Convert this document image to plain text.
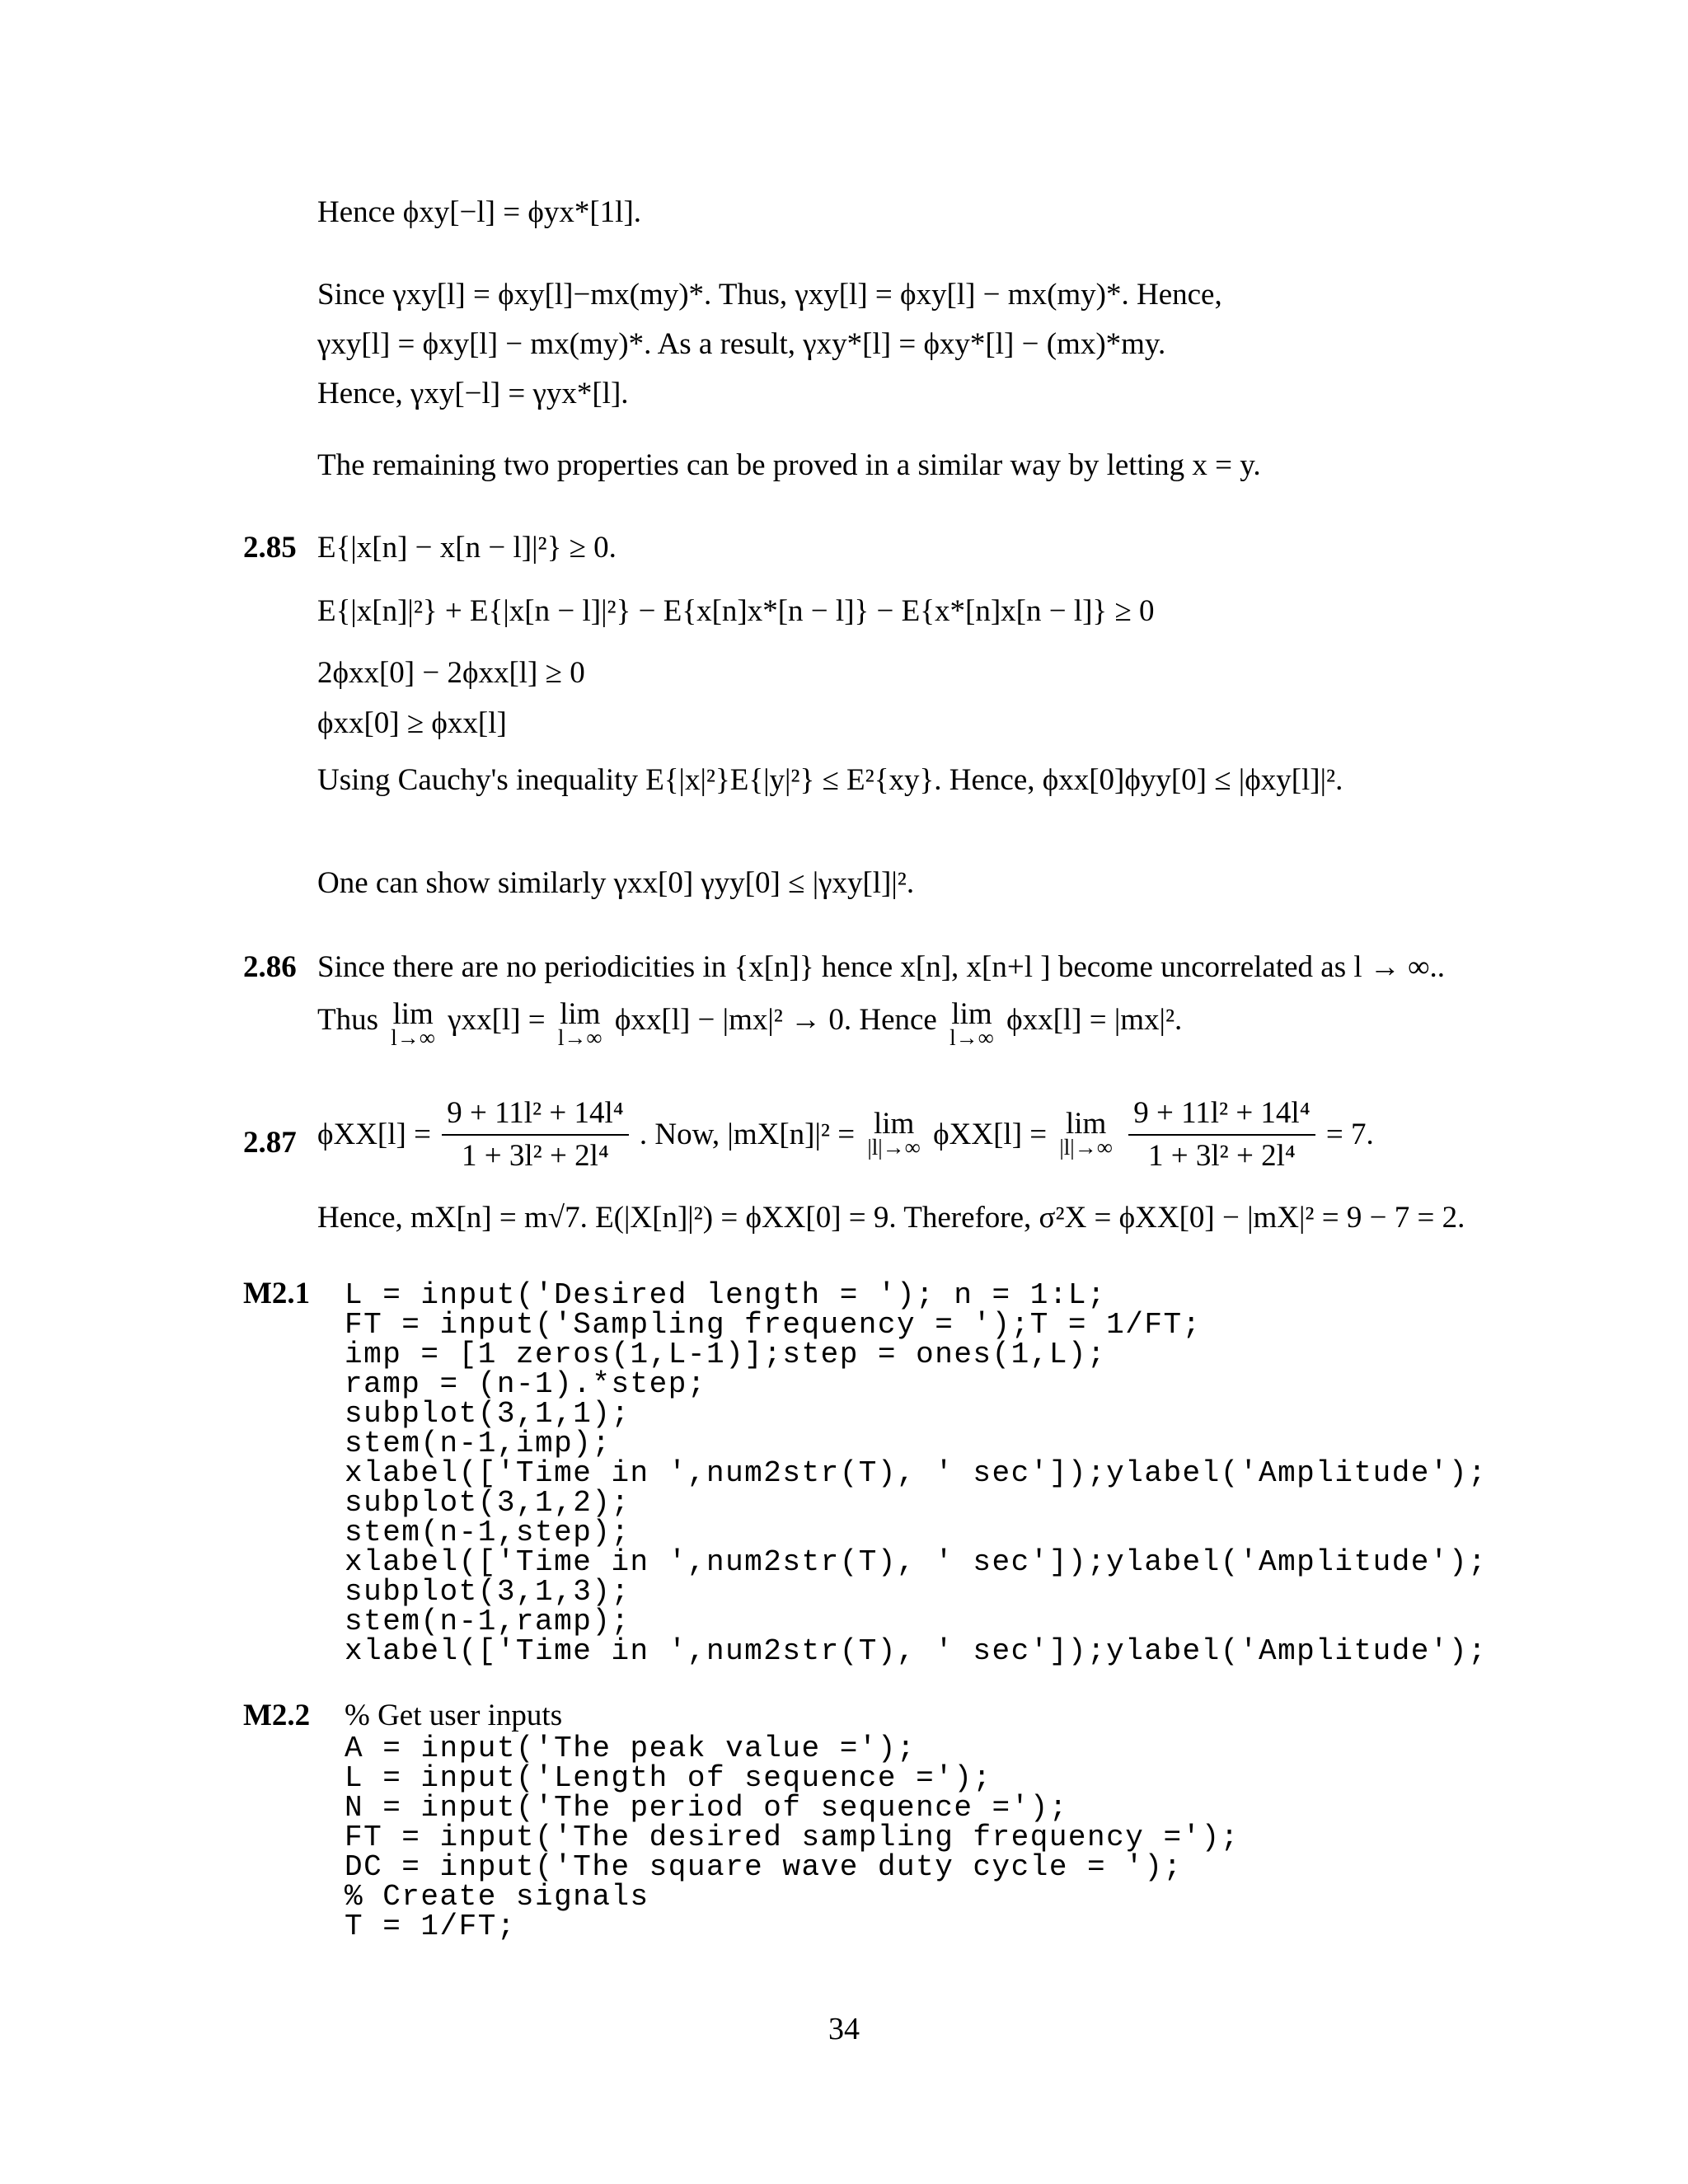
Hence ϕxy[−l] = ϕyx*[1l].
Since γxy[l] = ϕxy[l]−mx(my)*. Thus, γxy[l] = ϕxy[l] − mx(my)*. Hence,
γxy[l] = ϕxy[l] − mx(my)*. As a result, γxy*[l] = ϕxy*[l] − (mx)*my.
Hence, γxy[−l] = γyx*[l].
The remaining two properties can be proved in a similar way by letting x = y.
2.85 E{|x[n] − x[n − l]|²} ≥ 0.
E{|x[n]|²} + E{|x[n − l]|²} − E{x[n]x*[n − l]} − E{x*[n]x[n − l]} ≥ 0
2ϕxx[0] − 2ϕxx[l] ≥ 0
ϕxx[0] ≥ ϕxx[l]
Using Cauchy's inequality E{|x|²}E{|y|²} ≤ E²{xy}. Hence, ϕxx[0]ϕyy[0] ≤ |ϕxy[l]|².
One can show similarly γxx[0] γyy[0] ≤ |γxy[l]|².
2.86 Since there are no periodicities in {x[n]} hence x[n], x[n+l ] become uncorrelated as l → ∞..
Thus lim
l→∞
γxx[l] = lim
l→∞
ϕxx[l] − |mx|² → 0. Hence lim
l→∞
ϕxx[l] = |mx|².
2.87 $\phi XX[l] = \frac{\text{9 + 11l² + 14l⁴}}{\text{1 + 3l² + 2l⁴}}$ . Now, |mX[n]|² = lim
|l|→∞ ϕXX[l] = lim
|l|→∞
$\frac{\text{9 + 11l² + 14l⁴}}{\text{1 + 3l² + 2l⁴}} = 7$.
Hence, mX[n] = m√7. E(|X[n]|²) = ϕXX[0] = 9. Therefore, σ²X = ϕXX[0] − |mX|² = 9 − 7 = 2.
M2.1 L = input('Desired length = '); n = 1:L;
FT = input('Sampling frequency = ');T = 1/FT;
imp = [1 zeros(1,L-1)];step = ones(1,L);
ramp = (n-1).*step;
subplot(3,1,1);
stem(n-1,imp);
xlabel(['Time in ',num2str(T), ' sec']);ylabel('Amplitude');
subplot(3,1,2);
stem(n-1,step);
xlabel(['Time in ',num2str(T), ' sec']);ylabel('Amplitude');
subplot(3,1,3);
stem(n-1,ramp);
xlabel(['Time in ',num2str(T), ' sec']);ylabel('Amplitude');
M2.2 % Get user inputs
A = input('The peak value =');
L = input('Length of sequence =');
N = input('The period of sequence =');
FT = input('The desired sampling frequency =');
DC = input('The square wave duty cycle = ');
% Create signals
T = 1/FT;
34
